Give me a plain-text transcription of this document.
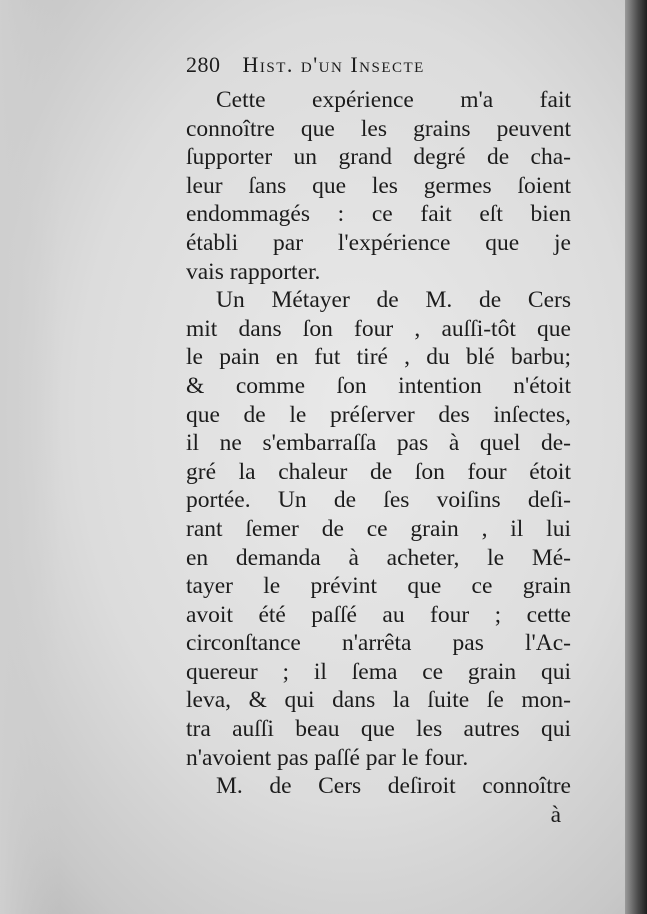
280 Hist. d'un Insecte
Cette expérience m'a fait
connoître que les grains peuvent
ſupporter un grand degré de cha-
leur ſans que les germes ſoient
endommagés : ce fait eſt bien
établi par l'expérience que je
vais rapporter.
Un Métayer de M. de Cers
mit dans ſon four , auſſi-tôt que
le pain en fut tiré , du blé barbu;
& comme ſon intention n'étoit
que de le préſerver des inſectes,
il ne s'embarraſſa pas à quel de-
gré la chaleur de ſon four étoit
portée. Un de ſes voiſins deſi-
rant ſemer de ce grain , il lui
en demanda à acheter, le Mé-
tayer le prévint que ce grain
avoit été paſſé au four ; cette
circonſtance n'arrêta pas l'Ac-
quereur ; il ſema ce grain qui
leva, & qui dans la ſuite ſe mon-
tra auſſi beau que les autres qui
n'avoient pas paſſé par le four.
M. de Cers deſiroit connoître
à
